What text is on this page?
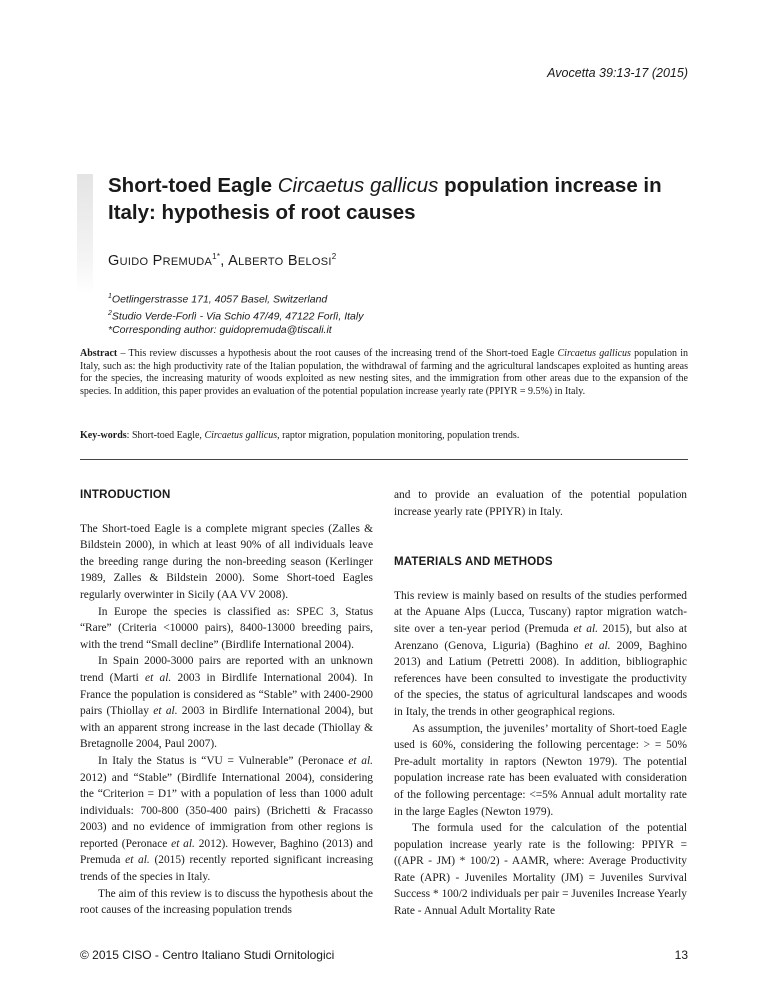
Avocetta 39:13-17 (2015)
Short-toed Eagle Circaetus gallicus population increase in Italy: hypothesis of root causes
GUIDO $PREMUDA^{1*}$, ALBERTO BELOSI$^2$
$^1$Oetlingerstrasse 171, 4057 Basel, Switzerland
$^2$Studio Verde-Forlì - Via Schio 47/49, 47122 Forlì, Italy
*Corresponding author: guidopremuda@tiscali.it
Abstract – This review discusses a hypothesis about the root causes of the increasing trend of the Short-toed Eagle Circaetus gallicus population in Italy, such as: the high productivity rate of the Italian population, the withdrawal of farming and the agricultural landscapes exploited as hunting areas for the species, the increasing maturity of woods exploited as new nesting sites, and the immigration from other areas due to the expansion of the species. In addition, this paper provides an evaluation of the potential population increase yearly rate (PPIYR = 9.5%) in Italy.
Key-words: Short-toed Eagle, Circaetus gallicus, raptor migration, population monitoring, population trends.
INTRODUCTION

The Short-toed Eagle is a complete migrant species (Zalles & Bildstein 2000), in which at least 90% of all individuals leave the breeding range during the non-breeding season (Kerlinger 1989, Zalles & Bildstein 2000). Some Short-toed Eagles regularly overwinter in Sicily (AA VV 2008).

In Europe the species is classified as: SPEC 3, Status “Rare” (Criteria <10000 pairs), 8400-13000 breeding pairs, with the trend “Small decline” (Birdlife International 2004).

In Spain 2000-3000 pairs are reported with an unknown trend (Marti et al. 2003 in Birdlife International 2004). In France the population is considered as “Stable” with 2400-2900 pairs (Thiollay et al. 2003 in Birdlife International 2004), but with an apparent strong increase in the last decade (Thiollay & Bretagnolle 2004, Paul 2007).

In Italy the Status is “VU = Vulnerable” (Peronace et al. 2012) and “Stable” (Birdlife International 2004), considering the “Criterion = D1” with a population of less than 1000 adult individuals: 700-800 (350-400 pairs) (Brichetti & Fracasso 2003) and no evidence of immigration from other regions is reported (Peronace et al. 2012). However, Baghino (2013) and Premuda et al. (2015) recently reported significant increasing trends of the species in Italy.

The aim of this review is to discuss the hypothesis about the root causes of the increasing population trends

and to provide an evaluation of the potential population increase yearly rate (PPIYR) in Italy.

MATERIALS AND METHODS

This review is mainly based on results of the studies performed at the Apuane Alps (Lucca, Tuscany) raptor migration watch-site over a ten-year period (Premuda et al. 2015), but also at Arenzano (Genova, Liguria) (Baghino et al. 2009, Baghino 2013) and Latium (Petretti 2008). In addition, bibliographic references have been consulted to investigate the productivity of the species, the status of agricultural landscapes and woods in Italy, the trends in other geographical regions.

As assumption, the juveniles’ mortality of Short-toed Eagle used is 60%, considering the following percentage: > = 50% Pre-adult mortality in raptors (Newton 1979). The potential population increase rate has been evaluated with consideration of the following percentage: <=5% Annual adult mortality rate in the large Eagles (Newton 1979).

The formula used for the calculation of the potential population increase yearly rate is the following: PPIYR = ((APR - JM) * 100/2) - AAMR, where: Average Productivity Rate (APR) - Juveniles Mortality (JM) = Juveniles Survival Success * 100/2 individuals per pair = Juveniles Increase Yearly Rate - Annual Adult Mortality Rate

© 2015 CISO - Centro Italiano Studi Ornitologici	13
